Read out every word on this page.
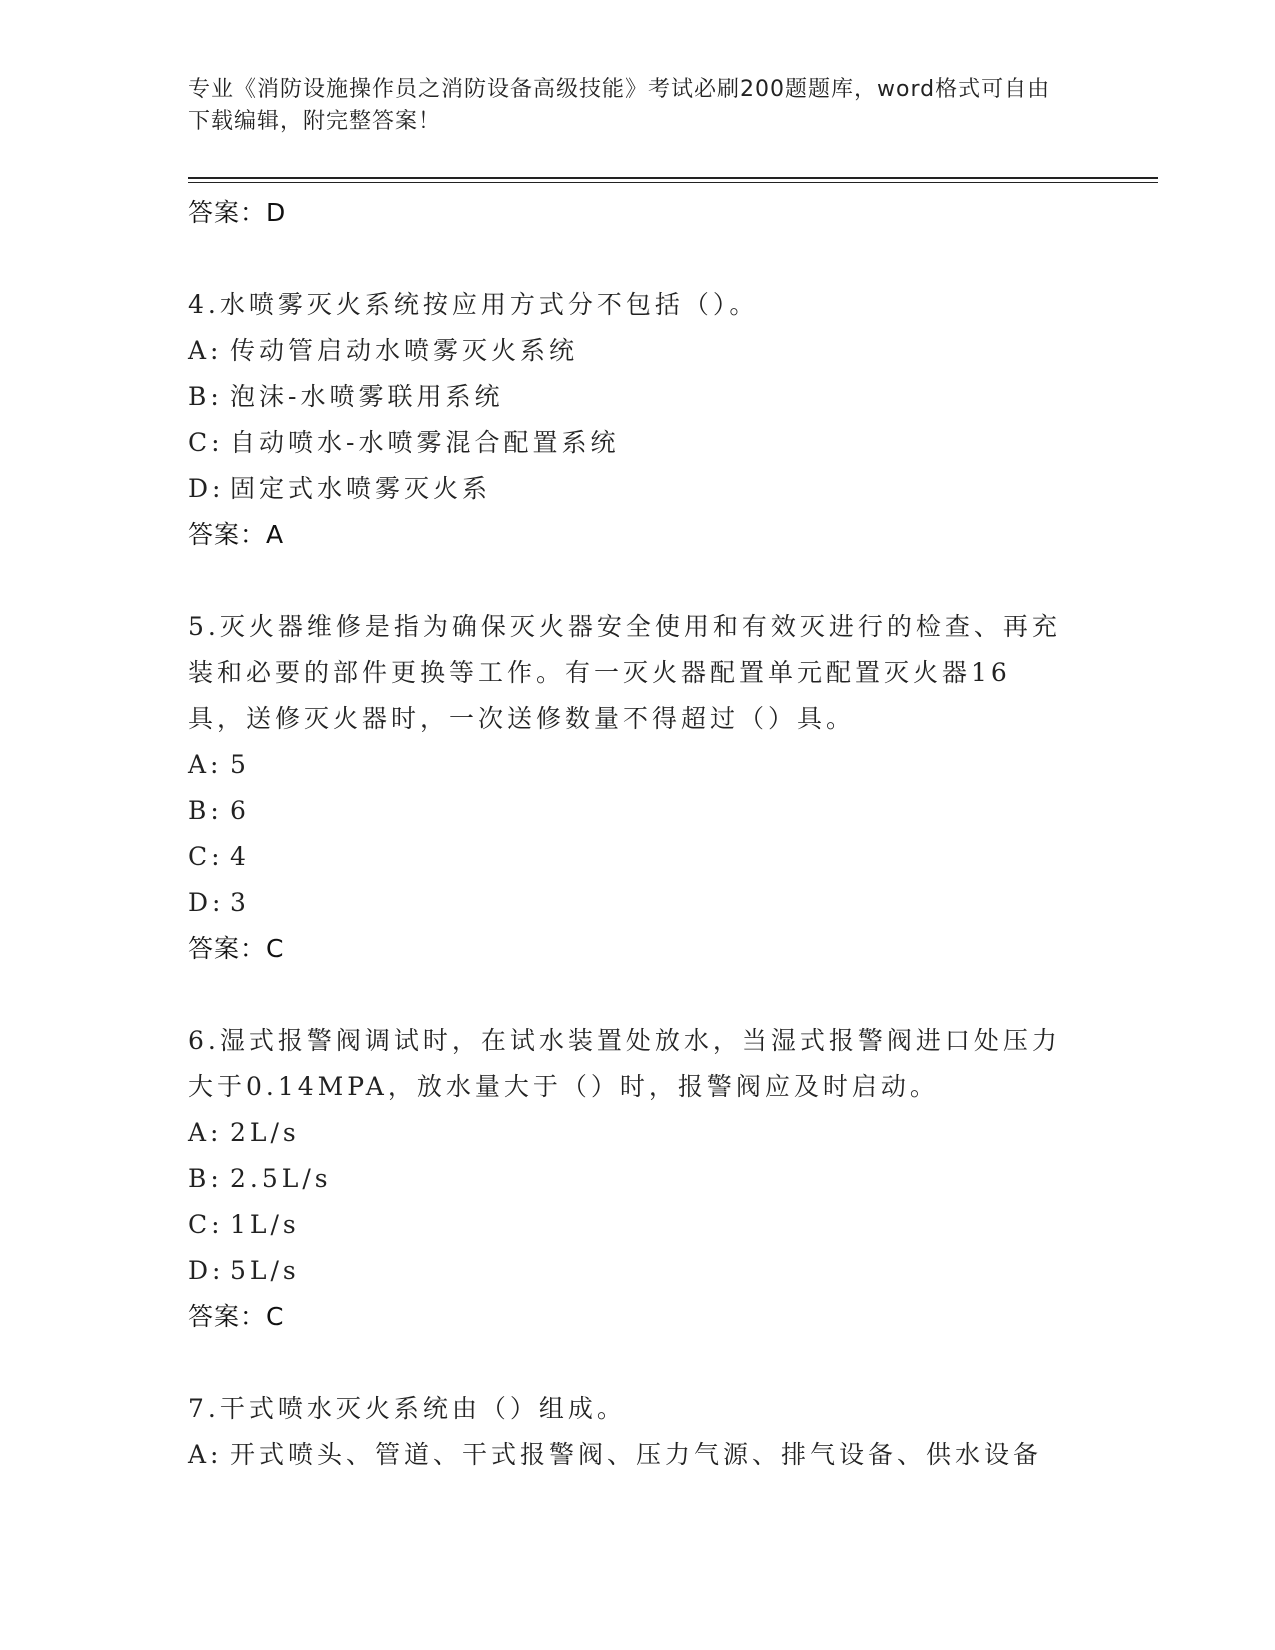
专业《消防设施操作员之消防设备高级技能》考试必刷200题题库，word格式可自由下载编辑，附完整答案！
答案：D
4.水喷雾灭火系统按应用方式分不包括（）。
A: 传动管启动水喷雾灭火系统
B: 泡沫-水喷雾联用系统
C: 自动喷水-水喷雾混合配置系统
D: 固定式水喷雾灭火系
答案：A
5.灭火器维修是指为确保灭火器安全使用和有效灭进行的检查、再充装和必要的部件更换等工作。有一灭火器配置单元配置灭火器16具，送修灭火器时，一次送修数量不得超过（）具。
A: 5
B: 6
C: 4
D: 3
答案：C
6.湿式报警阀调试时，在试水装置处放水，当湿式报警阀进口处压力大于0.14MPA，放水量大于（）时，报警阀应及时启动。
A: 2L/s
B: 2.5L/s
C: 1L/s
D: 5L/s
答案：C
7.干式喷水灭火系统由（）组成。
A: 开式喷头、管道、干式报警阀、压力气源、排气设备、供水设备
